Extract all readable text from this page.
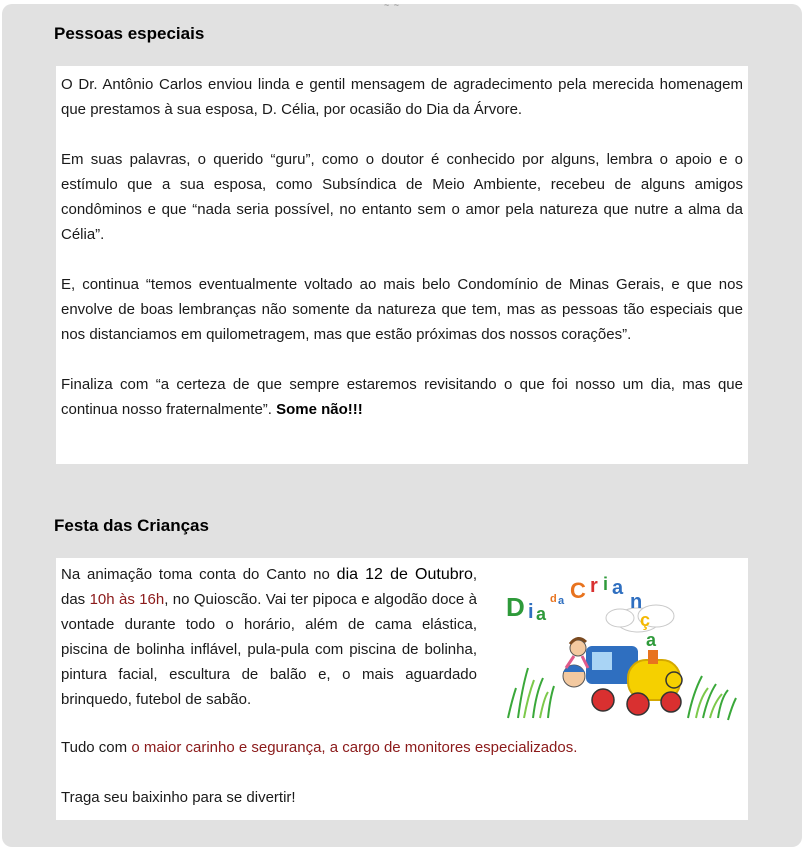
~ ~
Pessoas especiais

O Dr. Antônio Carlos enviou linda e gentil mensagem de agradecimento pela merecida homenagem que prestamos à sua esposa, D. Célia, por ocasião do Dia da Árvore.

Em suas palavras, o querido “guru”, como o doutor é conhecido por alguns, lembra o apoio e o estímulo que a sua esposa, como Subsíndica de Meio Ambiente, recebeu de alguns amigos condôminos e que “nada seria possível, no entanto sem o amor pela natureza que nutre a alma da Célia”.

E, continua “temos eventualmente voltado ao mais belo Condomínio de Minas Gerais, e que nos envolve de boas lembranças não somente da natureza que tem, mas as pessoas tão especiais que nos distanciamos em quilometragem, mas que estão próximas dos nossos corações”.

Finaliza com “a certeza de que sempre estaremos revisitando o que foi nosso um dia, mas que continua nosso fraternalmente”. Some não!!!

Festa das Crianças

Na animação toma conta do Canto no dia 12 de Outubro, das 10h às 16h, no Quioscão. Vai ter pipoca e algodão doce à vontade durante todo o horário, além de cama elástica, piscina de bolinha inflável, pula-pula com piscina de bolinha, pintura facial, escultura de balão e, o mais aguardado brinquedo, futebol de sabão.

Tudo com o maior carinho e segurança, a cargo de monitores especializados.

Traga seu baixinho para se divertir!

D i a
d a C r i a
n
ç
a
